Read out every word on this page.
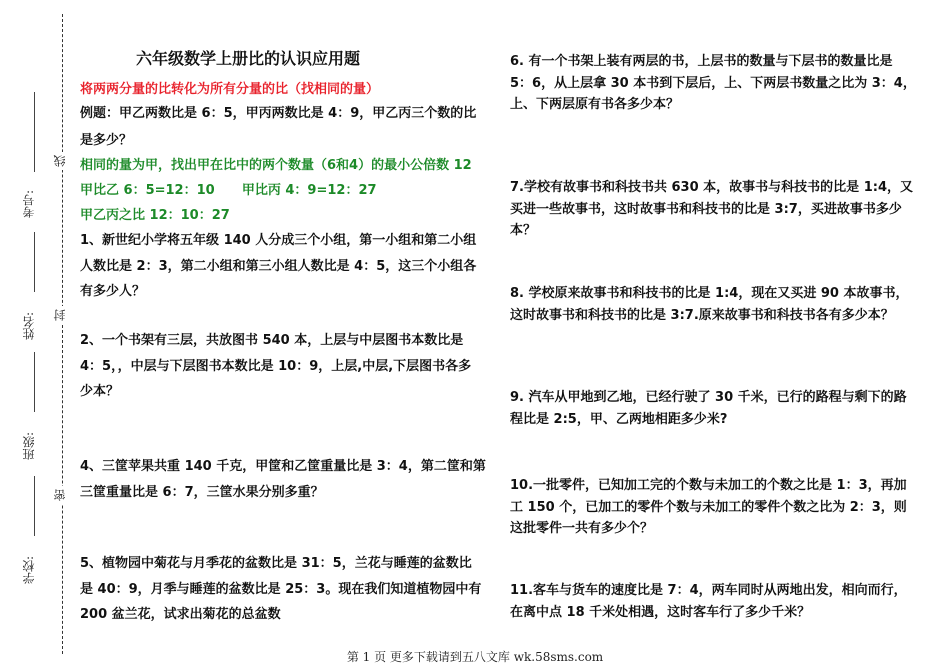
考号:
姓名:
班级:
学校:
线
封
密
六年级数学上册比的认识应用题
将两两分量的比转化为所有分量的比（找相同的量）
例题：甲乙两数比是 6：5，甲丙两数比是 4：9，甲乙丙三个数的比
是多少？
相同的量为甲，找出甲在比中的两个数量（6和4）的最小公倍数 12
甲比乙 6：5=12：10      甲比丙 4：9=12：27
甲乙丙之比 12：10：27
1、新世纪小学将五年级 140 人分成三个小组，第一小组和第二小组
人数比是 2：3，第二小组和第三小组人数比是 4：5，这三个小组各
有多少人？
2、一个书架有三层，共放图书 540 本，上层与中层图书本数比是
4：5，，中层与下层图书本数比是 10：9，上层,中层,下层图书各多
少本？
4、三筐苹果共重 140 千克，甲筐和乙筐重量比是 3：4，第二筐和第
三筐重量比是 6：7，三筐水果分别多重？
5、植物园中菊花与月季花的盆数比是 31：5，兰花与睡莲的盆数比
是 40：9，月季与睡莲的盆数比是 25：3。现在我们知道植物园中有
200 盆兰花，试求出菊花的总盆数
6. 有一个书架上装有两层的书，上层书的数量与下层书的数量比是
5：6，从上层拿 30 本书到下层后，上、下两层书数量之比为 3：4，
上、下两层原有书各多少本？
7.学校有故事书和科技书共 630 本，故事书与科技书的比是 1:4，又
买进一些故事书，这时故事书和科技书的比是 3:7，买进故事书多少
本？
8. 学校原来故事书和科技书的比是 1:4，现在又买进 90 本故事书，
这时故事书和科技书的比是 3:7.原来故事书和科技书各有多少本？
9. 汽车从甲地到乙地，已经行驶了 30 千米，已行的路程与剩下的路
程比是 2:5，甲、乙两地相距多少米?
10.一批零件，已知加工完的个数与未加工的个数之比是 1：3，再加
工 150 个，已加工的零件个数与未加工的零件个数之比为 2：3，则
这批零件一共有多少个？
11.客车与货车的速度比是 7：4，两车同时从两地出发，相向而行，
在离中点 18 千米处相遇，这时客车行了多少千米？
第 1 页 更多下载请到五八文库 wk.58sms.com
